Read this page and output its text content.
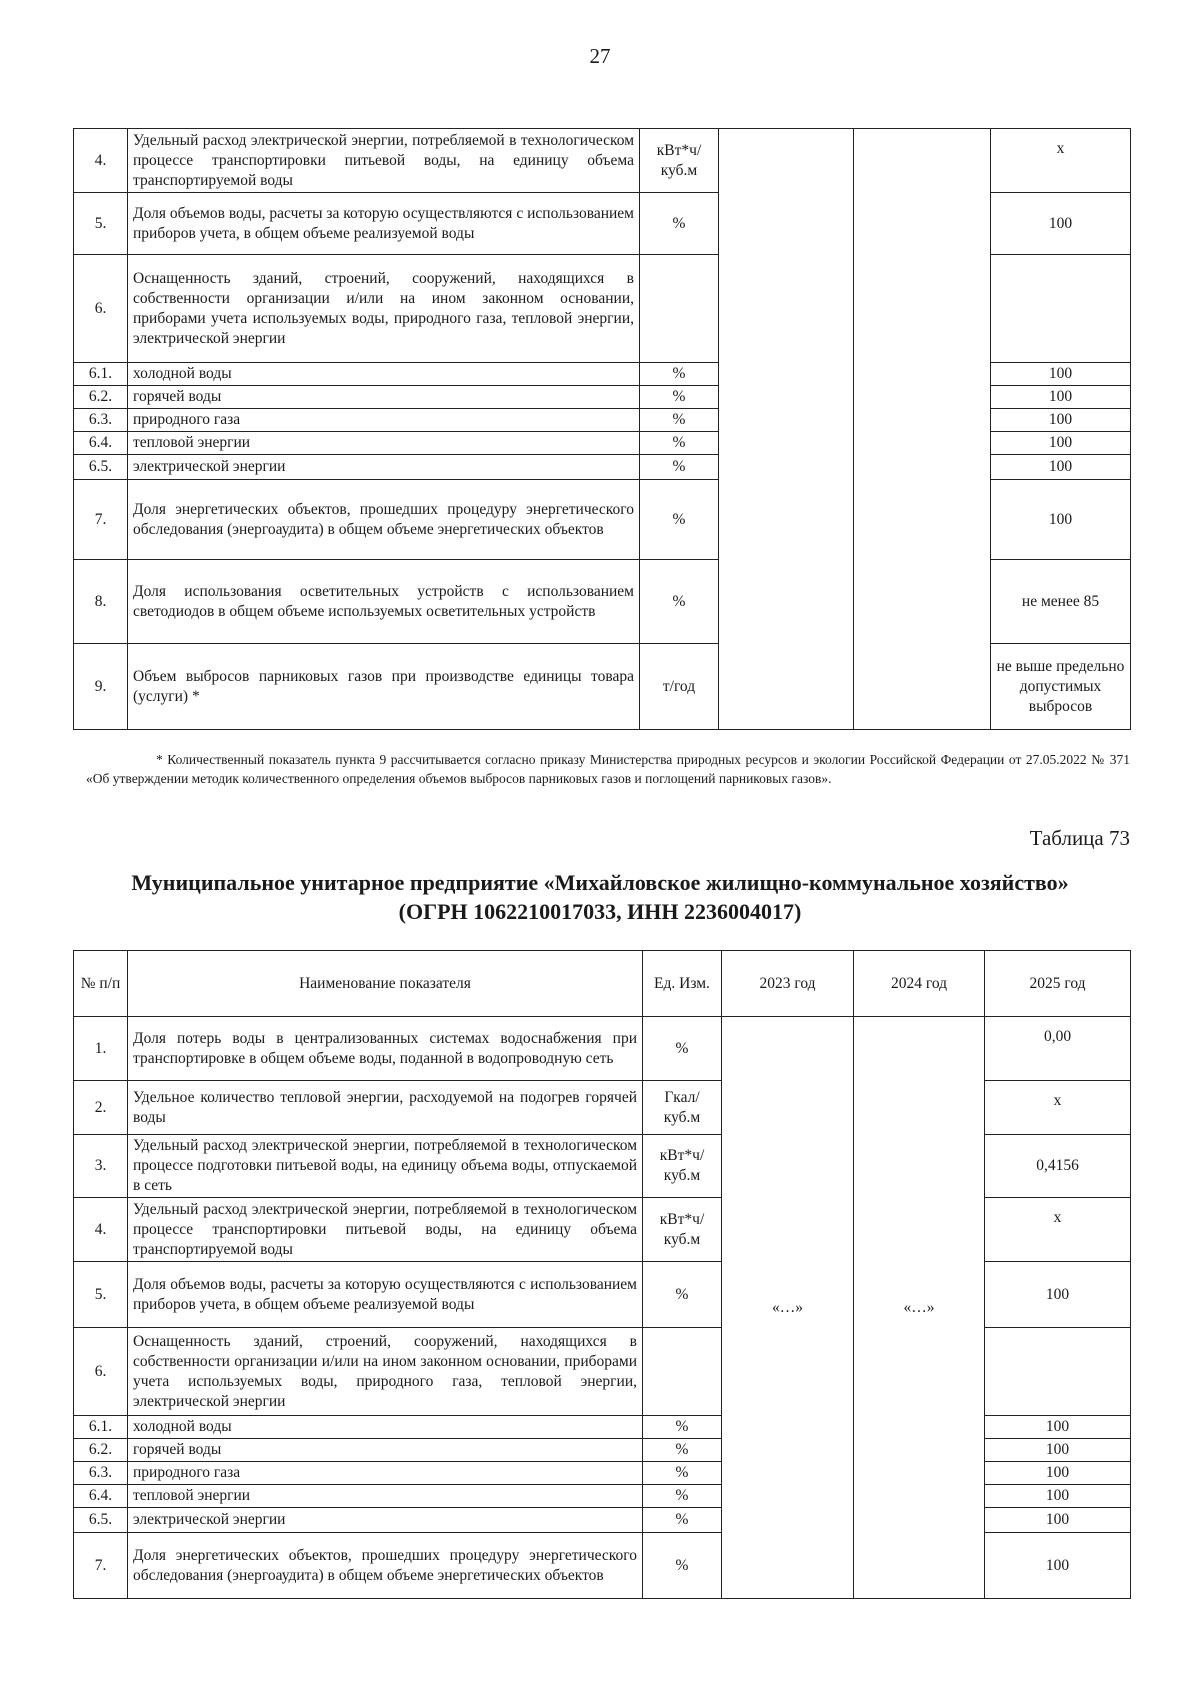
27
4.	Удельный расход электрической энергии, потребляемой в технологическом процессе транспортировки питьевой воды, на единицу объема транспортируемой воды	кВт*ч/ куб.м			х
5.	Доля объемов воды, расчеты за которую осуществляются с использованием приборов учета, в общем объеме реализуемой воды	%			100
6.	Оснащенность зданий, строений, сооружений, находящихся в собственности организации и/или на ином законном основании, приборами учета используемых воды, природного газа, тепловой энергии, электрической энергии				
6.1.	холодной воды	%			100
6.2.	горячей воды	%			100
6.3.	природного газа	%			100
6.4.	тепловой энергии	%			100
6.5.	электрической энергии	%			100
7.	Доля энергетических объектов, прошедших процедуру энергетического обследования (энергоаудита) в общем объеме энергетических объектов	%			100
8.	Доля использования осветительных устройств с использованием светодиодов в общем объеме используемых осветительных устройств	%			не менее 85
9.	Объем выбросов парниковых газов при производстве единицы товара (услуги) *	т/год			не выше предельно допустимых выбросов
* Количественный показатель пункта 9 рассчитывается согласно приказу Министерства природных ресурсов и экологии Российской Федерации от 27.05.2022 № 371 «Об утверждении методик количественного определения объемов выбросов парниковых газов и поглощений парниковых газов».
Таблица 73
Муниципальное унитарное предприятие «Михайловское жилищно-коммунальное хозяйство» (ОГРН 1062210017033, ИНН 2236004017)
№ п/п	Наименование показателя	Ед. Изм.	2023 год	2024 год	2025 год
1.	Доля потерь воды в централизованных системах водоснабжения при транспортировке в общем объеме воды, поданной в водопроводную сеть	%	«…»	«…»	0,00
2.	Удельное количество тепловой энергии, расходуемой на подогрев горячей воды	Гкал/ куб.м			х
3.	Удельный расход электрической энергии, потребляемой в технологическом процессе подготовки питьевой воды, на единицу объема воды, отпускаемой в сеть	кВт*ч/ куб.м			0,4156
4.	Удельный расход электрической энергии, потребляемой в технологическом процессе транспортировки питьевой воды, на единицу объема транспортируемой воды	кВт*ч/ куб.м			х
5.	Доля объемов воды, расчеты за которую осуществляются с использованием приборов учета, в общем объеме реализуемой воды	%			100
6.	Оснащенность зданий, строений, сооружений, находящихся в собственности организации и/или на ином законном основании, приборами учета используемых воды, природного газа, тепловой энергии, электрической энергии				
6.1.	холодной воды	%			100
6.2.	горячей воды	%			100
6.3.	природного газа	%			100
6.4.	тепловой энергии	%			100
6.5.	электрической энергии	%			100
7.	Доля энергетических объектов, прошедших процедуру энергетического обследования (энергоаудита) в общем объеме энергетических объектов	%			100
